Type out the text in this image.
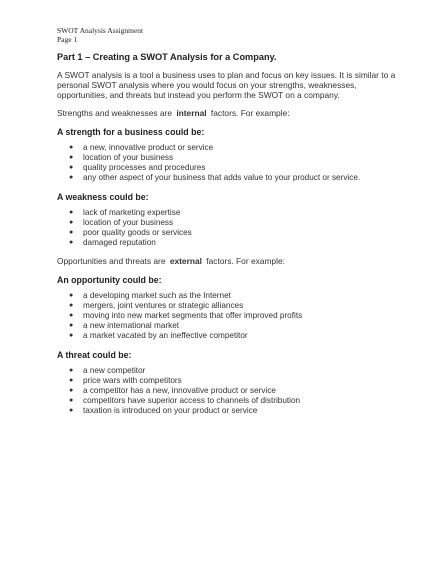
SWOT Analysis Assignment
Page 1
Part 1 – Creating a SWOT Analysis for a Company.
A SWOT analysis is a tool a business uses to plan and focus on key issues. It is similar to a personal SWOT analysis where you would focus on your strengths, weaknesses, opportunities, and threats but instead you perform the SWOT on a company.
Strengths and weaknesses are internal factors. For example:
A strength for a business could be:
● a new, innovative product or service
● location of your business
● quality processes and procedures
● any other aspect of your business that adds value to your product or service.
A weakness could be:
● lack of marketing expertise
● location of your business
● poor quality goods or services
● damaged reputation
Opportunities and threats are external factors. For example:
An opportunity could be:
● a developing market such as the Internet
● mergers, joint ventures or strategic alliances
● moving into new market segments that offer improved profits
● a new international market
● a market vacated by an ineffective competitor
A threat could be:
● a new competitor
● price wars with competitors
● a competitor has a new, innovative product or service
● competitors have superior access to channels of distribution
● taxation is introduced on your product or service
